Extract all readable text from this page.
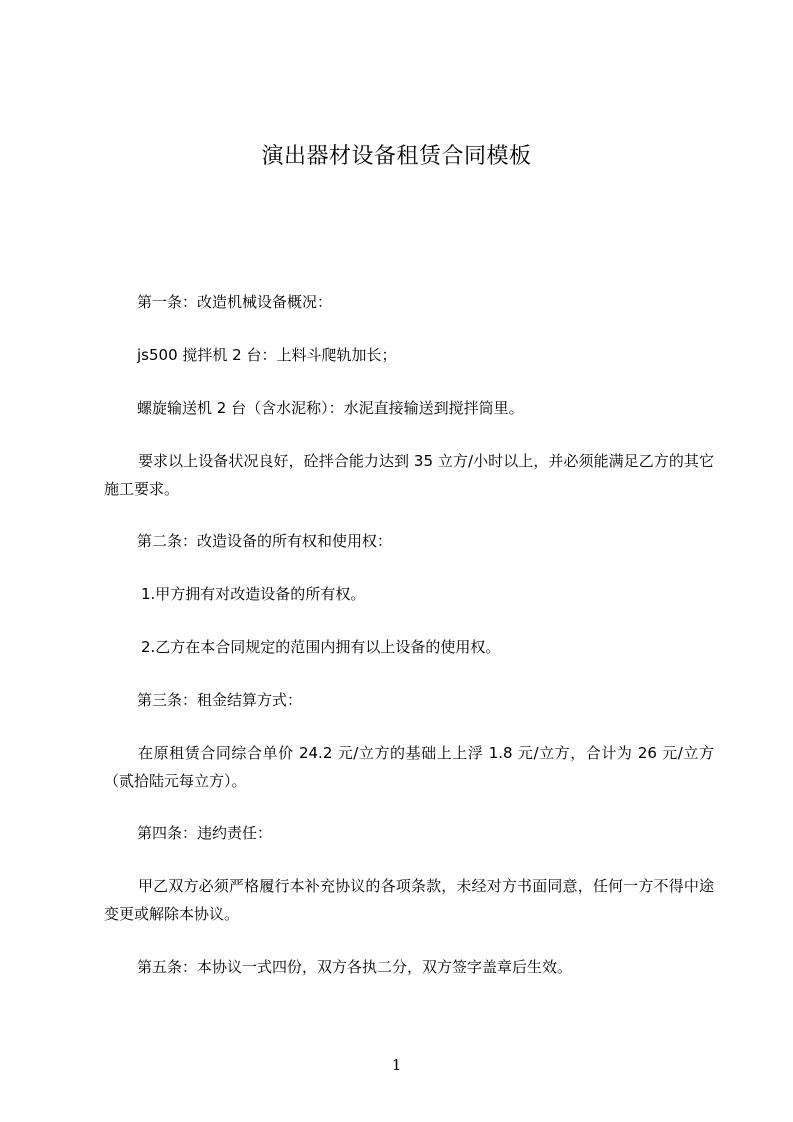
演出器材设备租赁合同模板
第一条：改造机械设备概况：
js500 搅拌机 2 台：上料斗爬轨加长；
螺旋输送机 2 台（含水泥称）：水泥直接输送到搅拌筒里。
要求以上设备状况良好，砼拌合能力达到 35 立方/小时以上，并必须能满足乙方的其它施工要求。
第二条：改造设备的所有权和使用权：
1.甲方拥有对改造设备的所有权。
2.乙方在本合同规定的范围内拥有以上设备的使用权。
第三条：租金结算方式：
在原租赁合同综合单价 24.2 元/立方的基础上上浮 1.8 元/立方，合计为 26 元/立方（贰拾陆元每立方）。
第四条：违约责任：
甲乙双方必须严格履行本补充协议的各项条款，未经对方书面同意，任何一方不得中途变更或解除本协议。
第五条：本协议一式四份，双方各执二分，双方签字盖章后生效。
1
